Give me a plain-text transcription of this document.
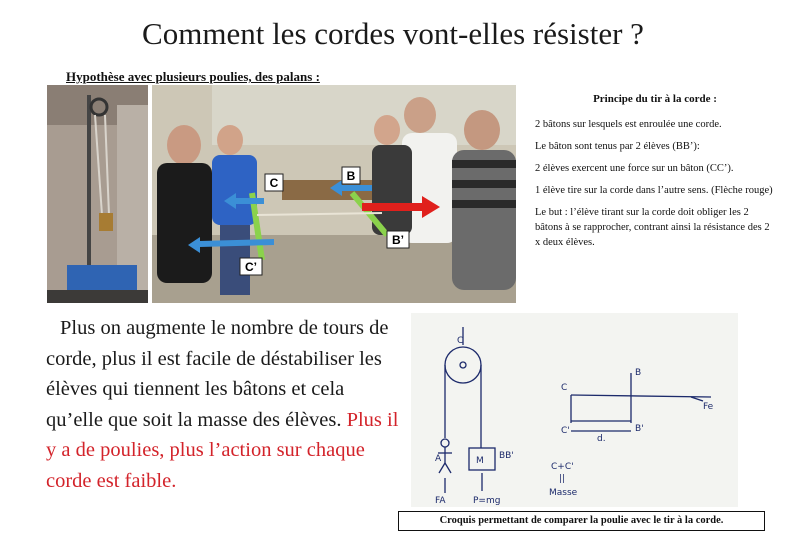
Comment les cordes vont-elles résister ?
Hypothèse avec plusieurs poulies, des palans :
C	B
B’
C’
Principe du tir à la corde :

2 bâtons sur lesquels est enroulée une corde.

Le bâton sont tenus par 2 élèves (BB’):

2 élèves exercent une force sur un bâton (CC’).

1 élève tire sur la corde dans l’autre sens. (Flèche rouge)

Le but : l’élève tirant sur la corde doit obliger les 2 bâtons à se rapprocher, contrant ainsi la résistance des 2 x deux élèves.

Plus on augmente le nombre de tours de corde, plus il est facile de déstabiliser les élèves qui tiennent les bâtons et cela qu’elle que soit la masse des élèves. Plus il y a de poulies, plus l’action sur chaque corde est faible.
C
A	M BB'
FA	P=mg
C
B
C'	B'
d.
C+C'
||
Masse
Fe
Croquis permettant de comparer la poulie avec le tir à la corde.
